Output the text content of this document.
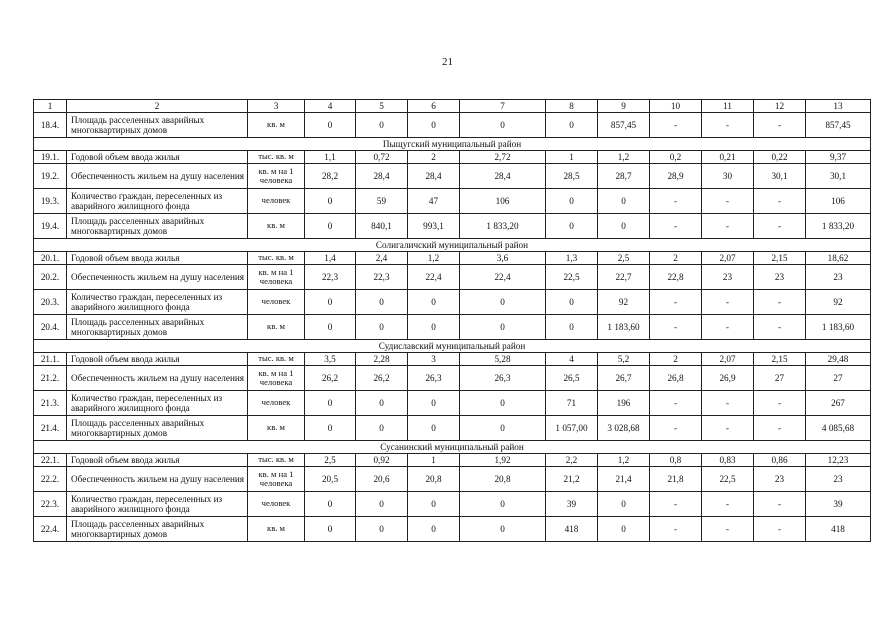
21
1	2	3	4	5	6	7	8	9	10	11	12	13
18.4.	Площадь расселенных аварийных многоквартирных домов	кв. м	0	0	0	0	0	857,45	-	-	-	857,45
Пыщугский муниципальный район												
19.1.	Годовой объем ввода жилья	тыс. кв. м	1,1	0,72	2	2,72	1	1,2	0,2	0,21	0,22	9,37
19.2.	Обеспеченность жильем на душу населения	кв. м на 1 человека	28,2	28,4	28,4	28,4	28,5	28,7	28,9	30	30,1	30,1
19.3.	Количество граждан, переселенных из аварийного жилищного фонда	человек	0	59	47	106	0	0	-	-	-	106
19.4.	Площадь расселенных аварийных многоквартирных домов	кв. м	0	840,1	993,1	1 833,20	0	0	-	-	-	1 833,20
Солигаличский муниципальный район												
20.1.	Годовой объем ввода жилья	тыс. кв. м	1,4	2,4	1,2	3,6	1,3	2,5	2	2,07	2,15	18,62
20.2.	Обеспеченность жильем на душу населения	кв. м на 1 человека	22,3	22,3	22,4	22,4	22,5	22,7	22,8	23	23	23
20.3.	Количество граждан, переселенных из аварийного жилищного фонда	человек	0	0	0	0	0	92	-	-	-	92
20.4.	Площадь расселенных аварийных многоквартирных домов	кв. м	0	0	0	0	0	1 183,60	-	-	-	1 183,60
Судиславский муниципальный район												
21.1.	Годовой объем ввода жилья	тыс. кв. м	3,5	2,28	3	5,28	4	5,2	2	2,07	2,15	29,48
21.2.	Обеспеченность жильем на душу населения	кв. м на 1 человека	26,2	26,2	26,3	26,3	26,5	26,7	26,8	26,9	27	27
21.3.	Количество граждан, переселенных из аварийного жилищного фонда	человек	0	0	0	0	71	196	-	-	-	267
21.4.	Площадь расселенных аварийных многоквартирных домов	кв. м	0	0	0	0	1 057,00	3 028,68	-	-	-	4 085,68
Сусанинский муниципальный район												
22.1.	Годовой объем ввода жилья	тыс. кв. м	2,5	0,92	1	1,92	2,2	1,2	0,8	0,83	0,86	12,23
22.2.	Обеспеченность жильем на душу населения	кв. м на 1 человека	20,5	20,6	20,8	20,8	21,2	21,4	21,8	22,5	23	23
22.3.	Количество граждан, переселенных из аварийного жилищного фонда	человек	0	0	0	0	39	0	-	-	-	39
22.4.	Площадь расселенных аварийных многоквартирных домов	кв. м	0	0	0	0	418	0	-	-	-	418
